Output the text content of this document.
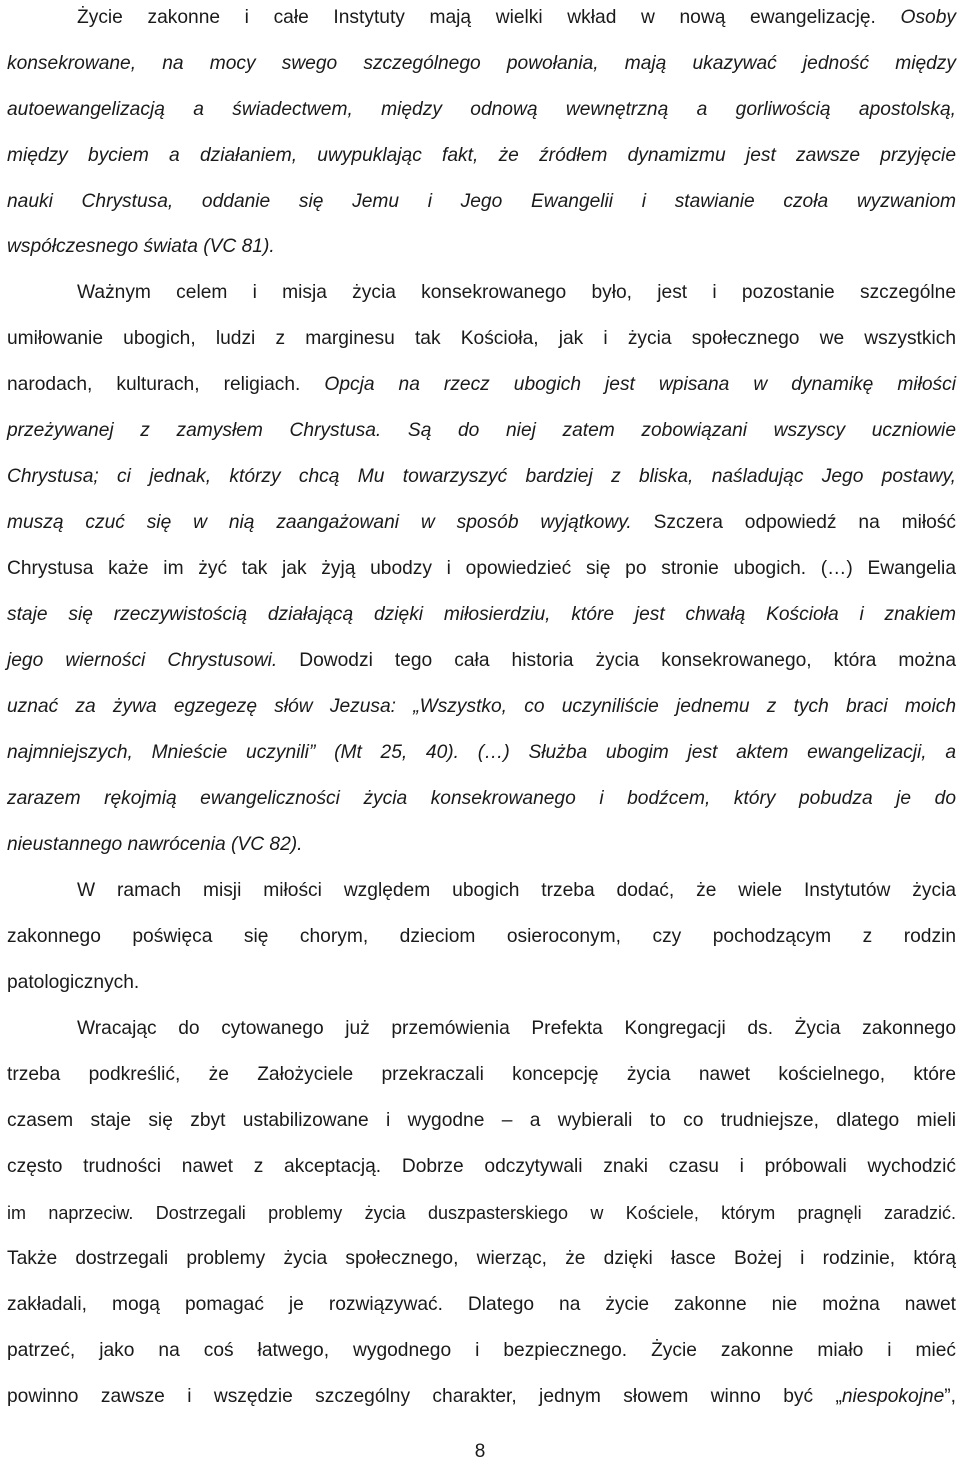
Życie zakonne i całe Instytuty mają wielki wkład w nową ewangelizację. Osoby
konsekrowane, na mocy swego szczególnego powołania, mają ukazywać jedność między
autoewangelizacją a świadectwem, między odnową wewnętrzną a gorliwością apostolską,
między byciem a działaniem, uwypuklając fakt, że źródłem dynamizmu jest zawsze przyjęcie
nauki Chrystusa, oddanie się Jemu i Jego Ewangelii i stawianie czoła wyzwaniom
współczesnego świata (VC 81).
Ważnym celem i misja życia konsekrowanego było, jest i pozostanie szczególne
umiłowanie ubogich, ludzi z marginesu tak Kościoła, jak i życia społecznego we wszystkich
narodach, kulturach, religiach. Opcja na rzecz ubogich jest wpisana w dynamikę miłości
przeżywanej z zamysłem Chrystusa. Są do niej zatem zobowiązani wszyscy uczniowie
Chrystusa; ci jednak, którzy chcą Mu towarzyszyć bardziej z bliska, naśladując Jego postawy,
muszą czuć się w nią zaangażowani w sposób wyjątkowy. Szczera odpowiedź na miłość
Chrystusa każe im żyć tak jak żyją ubodzy i opowiedzieć się po stronie ubogich. (…) Ewangelia
staje się rzeczywistością działającą dzięki miłosierdziu, które jest chwałą Kościoła i znakiem
jego wierności Chrystusowi. Dowodzi tego cała historia życia konsekrowanego, która można
uznać za żywa egzegezę słów Jezusa: „Wszystko, co uczyniliście jednemu z tych braci moich
najmniejszych, Mnieście uczynili” (Mt 25, 40). (…) Służba ubogim jest aktem ewangelizacji, a
zarazem rękojmią ewangeliczności życia konsekrowanego i bodźcem, który pobudza je do
nieustannego nawrócenia (VC 82).
W ramach misji miłości względem ubogich trzeba dodać, że wiele Instytutów życia
zakonnego poświęca się chorym, dzieciom osieroconym, czy pochodzącym z rodzin
patologicznych.
Wracając do cytowanego już przemówienia Prefekta Kongregacji ds. Życia zakonnego
trzeba podkreślić, że Założyciele przekraczali koncepcję życia nawet kościelnego, które
czasem staje się zbyt ustabilizowane i wygodne – a wybierali to co trudniejsze, dlatego mieli
często trudności nawet z akceptacją. Dobrze odczytywali znaki czasu i próbowali wychodzić
im naprzeciw. Dostrzegali problemy życia duszpasterskiego w Kościele, którym pragnęli zaradzić.
Także dostrzegali problemy życia społecznego, wierząc, że dzięki łasce Bożej i rodzinie, którą
zakładali, mogą pomagać je rozwiązywać. Dlatego na życie zakonne nie można nawet
patrzeć, jako na coś łatwego, wygodnego i bezpiecznego. Życie zakonne miało i mieć
powinno zawsze i wszędzie szczególny charakter, jednym słowem winno być „niespokojne”,
8
